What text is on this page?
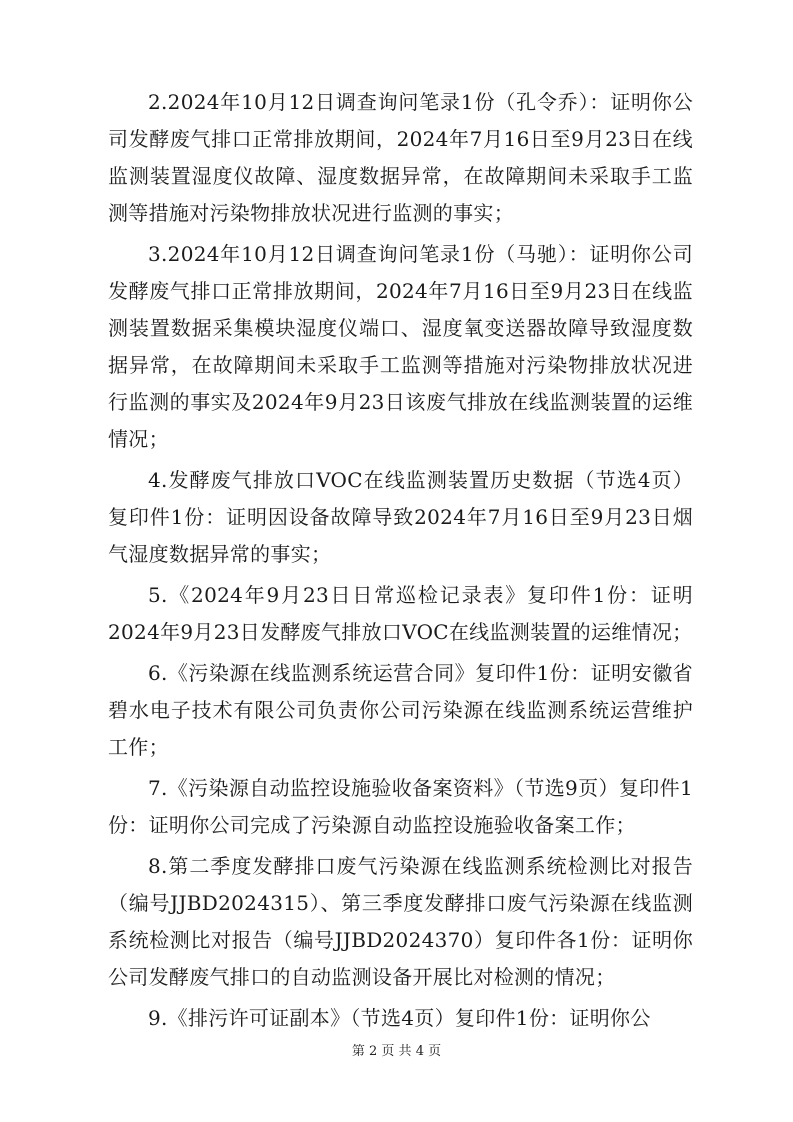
2.2024年10月12日调查询问笔录1份（孔令乔）：证明你公司发酵废气排口正常排放期间，2024年7月16日至9月23日在线监测装置湿度仪故障、湿度数据异常，在故障期间未采取手工监测等措施对污染物排放状况进行监测的事实；

3.2024年10月12日调查询问笔录1份（马驰）：证明你公司发酵废气排口正常排放期间，2024年7月16日至9月23日在线监测装置数据采集模块湿度仪端口、湿度氧变送器故障导致湿度数据异常，在故障期间未采取手工监测等措施对污染物排放状况进行监测的事实及2024年9月23日该废气排放在线监测装置的运维情况；

4.发酵废气排放口VOC在线监测装置历史数据（节选4页）复印件1份：证明因设备故障导致2024年7月16日至9月23日烟气湿度数据异常的事实；

5.《2024年9月23日日常巡检记录表》复印件1份：证明2024年9月23日发酵废气排放口VOC在线监测装置的运维情况；

6.《污染源在线监测系统运营合同》复印件1份：证明安徽省碧水电子技术有限公司负责你公司污染源在线监测系统运营维护工作；

7.《污染源自动监控设施验收备案资料》（节选9页）复印件1份：证明你公司完成了污染源自动监控设施验收备案工作；

8.第二季度发酵排口废气污染源在线监测系统检测比对报告（编号JJBD2024315）、第三季度发酵排口废气污染源在线监测系统检测比对报告（编号JJBD2024370）复印件各1份：证明你公司发酵废气排口的自动监测设备开展比对检测的情况；

9.《排污许可证副本》（节选4页）复印件1份：证明你公

第 2 页 共 4 页
